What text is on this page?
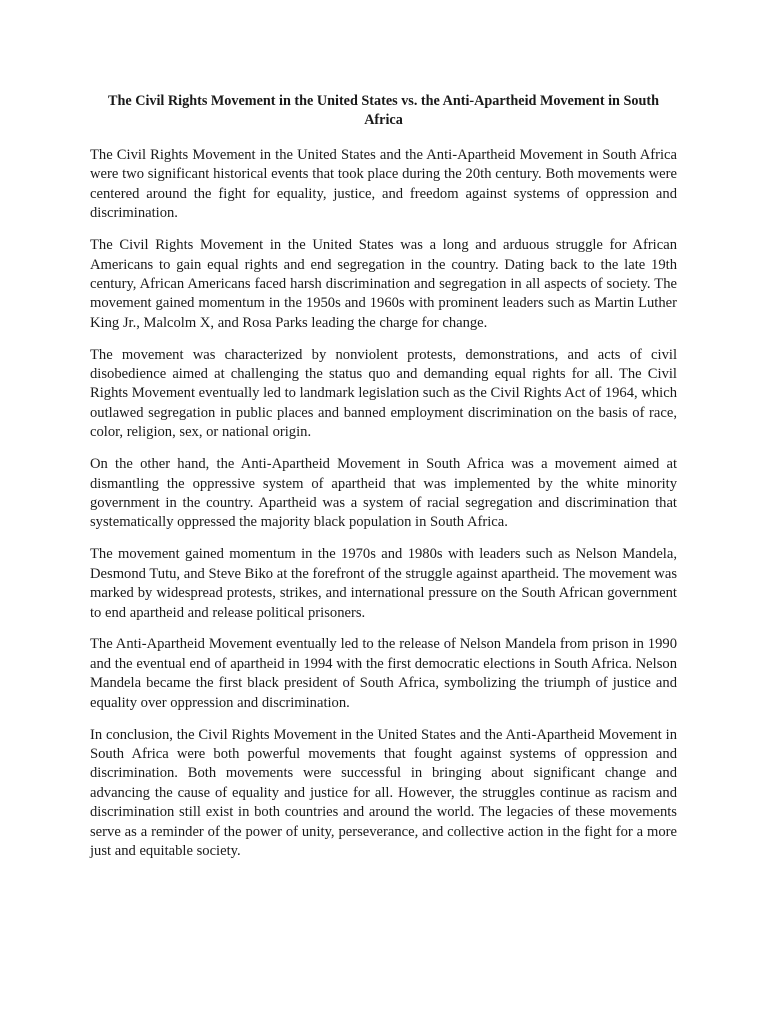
The Civil Rights Movement in the United States vs. the Anti-Apartheid Movement in South Africa

The Civil Rights Movement in the United States and the Anti-Apartheid Movement in South Africa were two significant historical events that took place during the 20th century. Both movements were centered around the fight for equality, justice, and freedom against systems of oppression and discrimination.

The Civil Rights Movement in the United States was a long and arduous struggle for African Americans to gain equal rights and end segregation in the country. Dating back to the late 19th century, African Americans faced harsh discrimination and segregation in all aspects of society. The movement gained momentum in the 1950s and 1960s with prominent leaders such as Martin Luther King Jr., Malcolm X, and Rosa Parks leading the charge for change.

The movement was characterized by nonviolent protests, demonstrations, and acts of civil disobedience aimed at challenging the status quo and demanding equal rights for all. The Civil Rights Movement eventually led to landmark legislation such as the Civil Rights Act of 1964, which outlawed segregation in public places and banned employment discrimination on the basis of race, color, religion, sex, or national origin.

On the other hand, the Anti-Apartheid Movement in South Africa was a movement aimed at dismantling the oppressive system of apartheid that was implemented by the white minority government in the country. Apartheid was a system of racial segregation and discrimination that systematically oppressed the majority black population in South Africa.

The movement gained momentum in the 1970s and 1980s with leaders such as Nelson Mandela, Desmond Tutu, and Steve Biko at the forefront of the struggle against apartheid. The movement was marked by widespread protests, strikes, and international pressure on the South African government to end apartheid and release political prisoners.

The Anti-Apartheid Movement eventually led to the release of Nelson Mandela from prison in 1990 and the eventual end of apartheid in 1994 with the first democratic elections in South Africa. Nelson Mandela became the first black president of South Africa, symbolizing the triumph of justice and equality over oppression and discrimination.

In conclusion, the Civil Rights Movement in the United States and the Anti-Apartheid Movement in South Africa were both powerful movements that fought against systems of oppression and discrimination. Both movements were successful in bringing about significant change and advancing the cause of equality and justice for all. However, the struggles continue as racism and discrimination still exist in both countries and around the world. The legacies of these movements serve as a reminder of the power of unity, perseverance, and collective action in the fight for a more just and equitable society.
